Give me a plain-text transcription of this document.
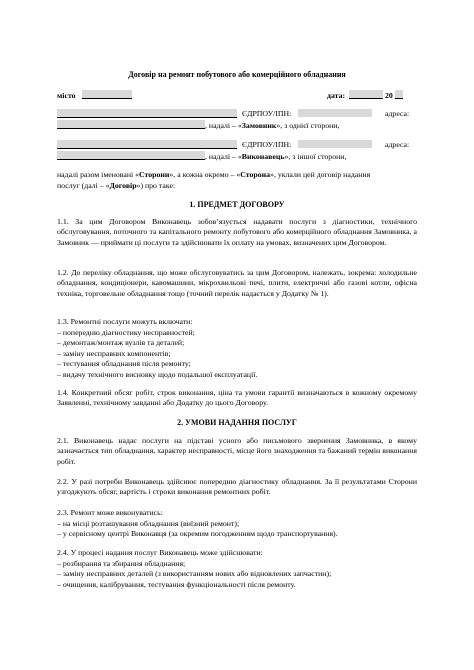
Договір на ремонт побутового або комерційного обладнання
місто	дата:	20
ЄДРПОУ/ІПН:	адреса:
, надалі – «Замовник», з однієї сторони,
ЄДРПОУ/ІПН:	адреса:
, надалі – «Виконавець», з іншої сторони,
надалі разом іменовані «Сторони», а кожна окремо – «Сторона», уклали цей договір надання
послуг (далі – «Договір») про таке:
1. ПРЕДМЕТ ДОГОВОРУ
1.1. За цим Договором Виконавець зобов’язується надавати послуги з діагностики, технічного обслуговування, поточного та капітального ремонту побутового або комерційного обладнання Замовника, а Замовник — приймати ці послуги та здійснювати їх оплату на умовах, визначених цим Договором.
1.2. До переліку обладнання, що може обслуговуватись за цим Договором, належать, зокрема: холодильне обладнання, кондиціонери, кавомашини, мікрохвильові печі, плити, електричні або газові котли, офісна техніка, торговельне обладнання тощо (точний перелік надається у Додатку № 1).
1.3. Ремонтні послуги можуть включати:
– попередню діагностику несправностей;
– демонтаж/монтаж вузлів та деталей;
– заміну несправних компонентів;
– тестування обладнання після ремонту;
– видачу технічного висновку щодо подальшої експлуатації.
1.4. Конкретний обсяг робіт, строк виконання, ціна та умови гарантії визначаються в кожному окремому Заявленні, технічному завданні або Додатку до цього Договору.
2. УМОВИ НАДАННЯ ПОСЛУГ
2.1. Виконавець надає послуги на підставі усного або письмового звернення Замовника, в якому зазначається тип обладнання, характер несправності, місце його знаходження та бажаний термін виконання робіт.
2.2. У разі потреби Виконавець здійснює попередню діагностику обладнання. За її результатами Сторони узгоджують обсяг, вартість і строки виконання ремонтних робіт.
2.3. Ремонт може виконуватись:
– на місці розташування обладнання (виїзний ремонт);
– у сервісному центрі Виконавця (за окремим погодженням щодо транспортування).
2.4. У процесі надання послуг Виконавець може здійснювати:
– розбирання та збирання обладнання;
– заміну несправних деталей (з використанням нових або відновлених запчастин);
– очищення, калібрування, тестування функціональності після ремонту.
